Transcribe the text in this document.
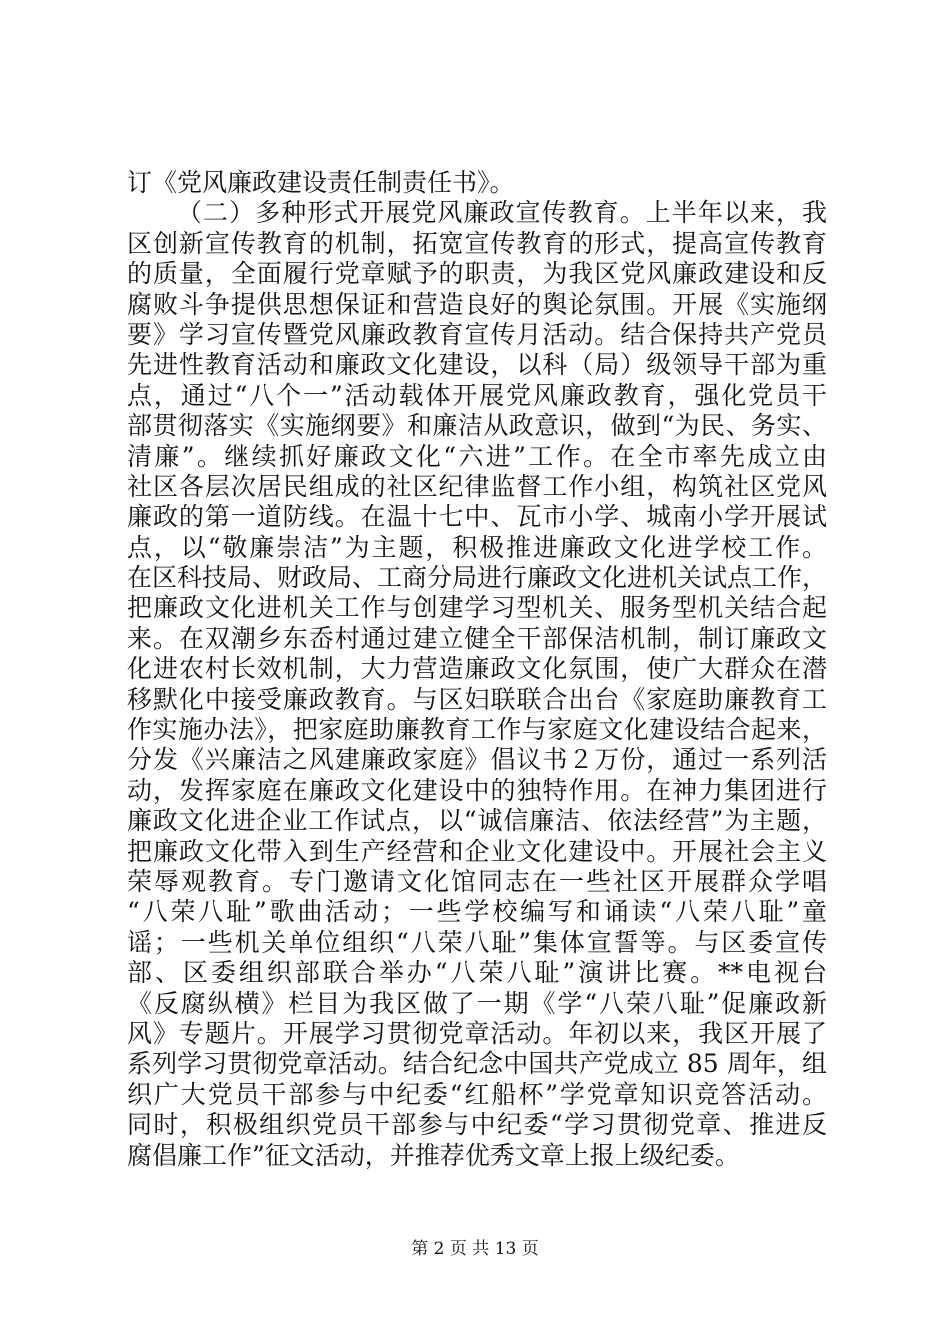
订《党风廉政建设责任制责任书》。
（二）多种形式开展党风廉政宣传教育。上半年以来，我
区创新宣传教育的机制，拓宽宣传教育的形式，提高宣传教育
的质量，全面履行党章赋予的职责，为我区党风廉政建设和反
腐败斗争提供思想保证和营造良好的舆论氛围。开展《实施纲
要》学习宣传暨党风廉政教育宣传月活动。结合保持共产党员
先进性教育活动和廉政文化建设，以科（局）级领导干部为重
点，通过“八个一”活动载体开展党风廉政教育，强化党员干
部贯彻落实《实施纲要》和廉洁从政意识，做到“为民、务实、
清廉”。继续抓好廉政文化“六进”工作。在全市率先成立由
社区各层次居民组成的社区纪律监督工作小组，构筑社区党风
廉政的第一道防线。在温十七中、瓦市小学、城南小学开展试
点，以“敬廉崇洁”为主题，积极推进廉政文化进学校工作。
在区科技局、财政局、工商分局进行廉政文化进机关试点工作，
把廉政文化进机关工作与创建学习型机关、服务型机关结合起
来。在双潮乡东岙村通过建立健全干部保洁机制，制订廉政文
化进农村长效机制，大力营造廉政文化氛围，使广大群众在潜
移默化中接受廉政教育。与区妇联联合出台《家庭助廉教育工
作实施办法》，把家庭助廉教育工作与家庭文化建设结合起来，
分发《兴廉洁之风建廉政家庭》倡议书２万份，通过一系列活
动，发挥家庭在廉政文化建设中的独特作用。在神力集团进行
廉政文化进企业工作试点，以“诚信廉洁、依法经营”为主题，
把廉政文化带入到生产经营和企业文化建设中。开展社会主义
荣辱观教育。专门邀请文化馆同志在一些社区开展群众学唱
“八荣八耻”歌曲活动；一些学校编写和诵读“八荣八耻”童
谣；一些机关单位组织“八荣八耻”集体宣誓等。与区委宣传
部、区委组织部联合举办“八荣八耻”演讲比赛。**电视台
《反腐纵横》栏目为我区做了一期《学“八荣八耻”促廉政新
风》专题片。开展学习贯彻党章活动。年初以来，我区开展了
系列学习贯彻党章活动。结合纪念中国共产党成立 85 周年，组
织广大党员干部参与中纪委“红船杯”学党章知识竞答活动。
同时，积极组织党员干部参与中纪委“学习贯彻党章、推进反
腐倡廉工作”征文活动，并推荐优秀文章上报上级纪委。
第 2 页 共 13 页
